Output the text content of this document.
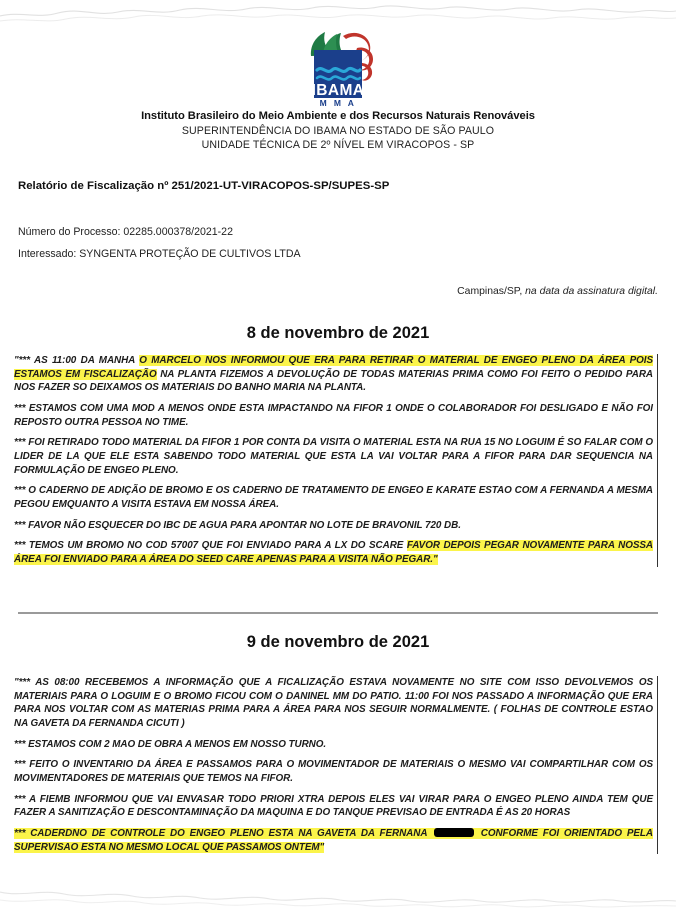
IBAMA
M M A
Instituto Brasileiro do Meio Ambiente e dos Recursos Naturais Renováveis
SUPERINTENDÊNCIA DO IBAMA NO ESTADO DE SÃO PAULO
UNIDADE TÉCNICA DE 2º NÍVEL EM VIRACOPOS - SP
Relatório de Fiscalização nº 251/2021-UT-VIRACOPOS-SP/SUPES-SP
Número do Processo: 02285.000378/2021-22
Interessado: SYNGENTA PROTEÇÃO DE CULTIVOS LTDA
Campinas/SP, na data da assinatura digital.
8 de novembro de 2021

"*** AS 11:00 DA MANHA O MARCELO NOS INFORMOU QUE ERA PARA RETIRAR O MATERIAL DE ENGEO PLENO DA ÁREA POIS ESTAMOS EM FISCALIZAÇÃO NA PLANTA FIZEMOS A DEVOLUÇÃO DE TODAS MATERIAS PRIMA COMO FOI FEITO O PEDIDO PARA NOS FAZER SO DEIXAMOS OS MATERIAIS DO BANHO MARIA NA PLANTA.

*** ESTAMOS COM UMA MOD A MENOS ONDE ESTA IMPACTANDO NA FIFOR 1 ONDE O COLABORADOR FOI DESLIGADO E NÃO FOI REPOSTO OUTRA PESSOA NO TIME.

*** FOI RETIRADO TODO MATERIAL DA FIFOR 1 POR CONTA DA VISITA O MATERIAL ESTA NA RUA 15 NO LOGUIM É SO FALAR COM O LIDER DE LA QUE ELE ESTA SABENDO TODO MATERIAL QUE ESTA LA VAI VOLTAR PARA A FIFOR PARA DAR SEQUENCIA NA FORMULAÇÃO DE ENGEO PLENO.

*** O CADERNO DE ADIÇÃO DE BROMO E OS CADERNO DE TRATAMENTO DE ENGEO E KARATE ESTAO COM A FERNANDA A MESMA PEGOU EMQUANTO A VISITA ESTAVA EM NOSSA ÁREA.

*** FAVOR NÃO ESQUECER DO IBC DE AGUA PARA APONTAR NO LOTE DE BRAVONIL 720 DB.

*** TEMOS UM BROMO NO COD 57007 QUE FOI ENVIADO PARA A LX DO SCARE FAVOR DEPOIS PEGAR NOVAMENTE PARA NOSSA ÁREA FOI ENVIADO PARA A ÁREA DO SEED CARE APENAS PARA A VISITA NÃO PEGAR."

9 de novembro de 2021

"*** AS 08:00 RECEBEMOS A INFORMAÇÃO QUE A FICALIZAÇÃO ESTAVA NOVAMENTE NO SITE COM ISSO DEVOLVEMOS OS MATERIAIS PARA O LOGUIM E O BROMO FICOU COM O DANINEL MM DO PATIO. 11:00 FOI NOS PASSADO A INFORMAÇÃO QUE ERA PARA NOS VOLTAR COM AS MATERIAS PRIMA PARA A ÁREA PARA NOS SEGUIR NORMALMENTE. ( FOLHAS DE CONTROLE ESTAO NA GAVETA DA FERNANDA CICUTI )

*** ESTAMOS COM 2 MAO DE OBRA A MENOS EM NOSSO TURNO.

*** FEITO O INVENTARIO DA ÁREA E PASSAMOS PARA O MOVIMENTADOR DE MATERIAIS O MESMO VAI COMPARTILHAR COM OS MOVIMENTADORES DE MATERIAIS QUE TEMOS NA FIFOR.

*** A FIEMB INFORMOU QUE VAI ENVASAR TODO PRIORI XTRA DEPOIS ELES VAI VIRAR PARA O ENGEO PLENO AINDA TEM QUE FAZER A SANITIZAÇÃO E DESCONTAMINAÇÃO DA MAQUINA E DO TANQUE PREVISAO DE ENTRADA É AS 20 HORAS

*** CADERDNO DE CONTROLE DO ENGEO PLENO ESTA NA GAVETA DA FERNANA	CONFORME FOI ORIENTADO PELA SUPERVISAO ESTA NO MESMO LOCAL QUE PASSAMOS ONTEM"
